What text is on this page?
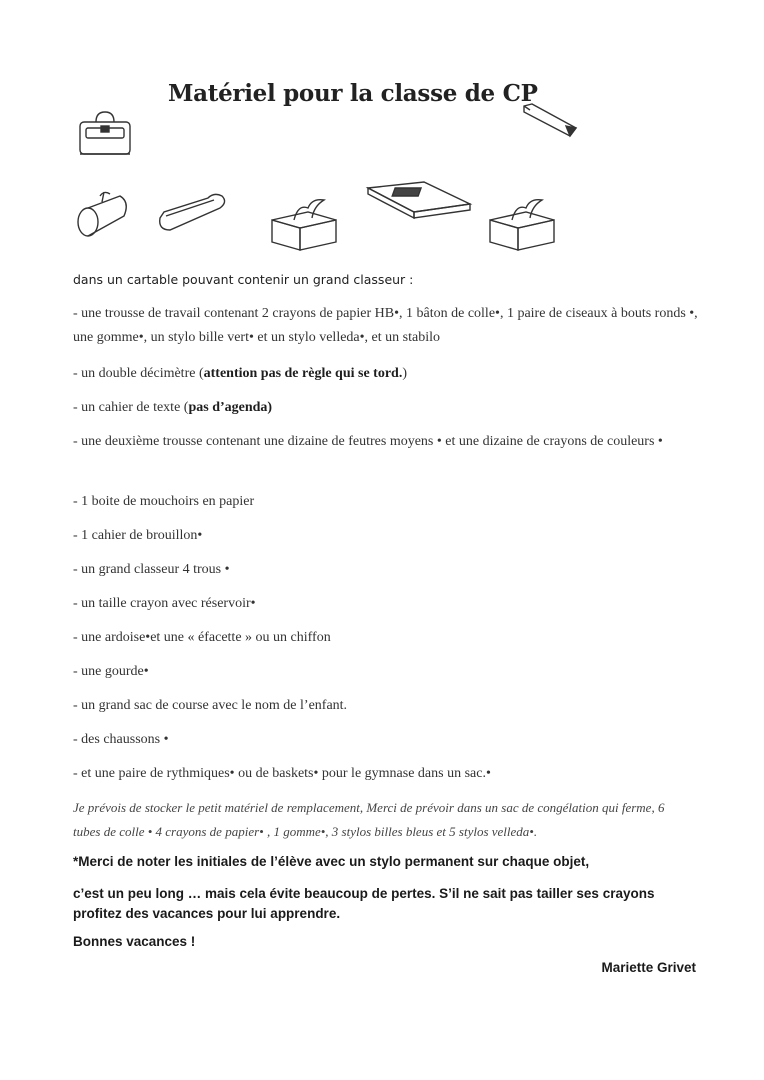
Matériel pour la classe de CP
dans un cartable pouvant contenir un grand classeur :
- une trousse de travail contenant 2 crayons de papier HB•, 1 bâton de colle•, 1 paire de ciseaux à bouts ronds •, une gomme•, un stylo bille vert• et un stylo velleda•, et un stabilo
- un double décimètre (attention pas de règle qui se tord.)
- un cahier de texte (pas d’agenda)
- une deuxième trousse contenant une dizaine de feutres moyens • et une dizaine de crayons de couleurs •
- 1 boite de mouchoirs en papier
- 1 cahier de brouillon•
- un grand classeur 4 trous •
- un taille crayon avec réservoir•
- une ardoise•et une « éfacette » ou un chiffon
- une gourde•
- un grand sac de course avec le nom de l’enfant.
- des chaussons •
- et une paire de rythmiques• ou de baskets• pour le gymnase dans un sac.•
Je prévois de stocker le petit matériel de remplacement, Merci de prévoir dans un sac de congélation qui ferme, 6 tubes de colle • 4 crayons de papier• , 1 gomme•, 3 stylos billes bleus et 5 stylos velleda•.
*Merci de noter les initiales de l’élève avec un stylo permanent sur chaque objet,
c’est un peu long … mais cela évite beaucoup de pertes. S’il ne sait pas tailler ses crayons profitez des vacances pour lui apprendre.
Bonnes vacances !
Mariette Grivet
